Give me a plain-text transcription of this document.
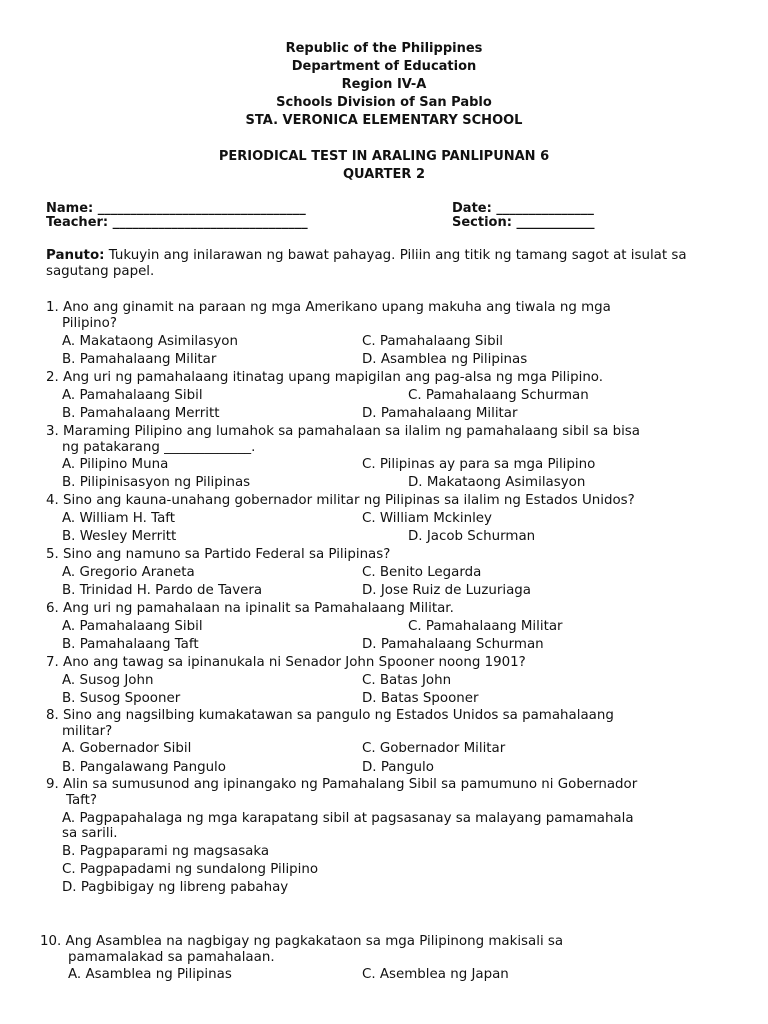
Republic of the Philippines
Department of Education
Region IV-A
Schools Division of San Pablo
STA. VERONICA ELEMENTARY SCHOOL
PERIODICAL TEST IN ARALING PANLIPUNAN 6
QUARTER 2
Name: ________________________________
Teacher: ______________________________
Date: _______________
Section: ____________
Panuto: Tukuyin ang inilarawan ng bawat pahayag. Piliin ang titik ng tamang sagot at isulat sa sagutang papel.
1. Ano ang ginamit na paraan ng mga Amerikano upang makuha ang tiwala ng mga
Pilipino?
A. Makataong Asimilasyon	C. Pamahalaang Sibil
B. Pamahalaang Militar	D. Asamblea ng Pilipinas
2. Ang uri ng pamahalaang itinatag upang mapigilan ang pag-alsa ng mga Pilipino.
A. Pamahalaang Sibil	C. Pamahalaang Schurman
B. Pamahalaang Merritt	D. Pamahalaang Militar
3. Maraming Pilipino ang lumahok sa pamahalaan sa ilalim ng pamahalaang sibil sa bisa
ng patakarang _____________.
A. Pilipino Muna	C. Pilipinas ay para sa mga Pilipino
B. Pilipinisasyon ng Pilipinas	D. Makataong Asimilasyon
4. Sino ang kauna-unahang gobernador militar ng Pilipinas sa ilalim ng Estados Unidos?
A. William H. Taft	C. William Mckinley
B. Wesley Merritt	D. Jacob Schurman
5. Sino ang namuno sa Partido Federal sa Pilipinas?
A. Gregorio Araneta	C. Benito Legarda
B. Trinidad H. Pardo de Tavera	D. Jose Ruiz de Luzuriaga
6. Ang uri ng pamahalaan na ipinalit sa Pamahalaang Militar.
A. Pamahalaang Sibil	C. Pamahalaang Militar
B. Pamahalaang Taft	D. Pamahalaang Schurman
7. Ano ang tawag sa ipinanukala ni Senador John Spooner noong 1901?
A. Susog John	C. Batas John
B. Susog Spooner	D. Batas Spooner
8. Sino ang nagsilbing kumakatawan sa pangulo ng Estados Unidos sa pamahalaang
militar?
A. Gobernador Sibil	C. Gobernador Militar
B. Pangalawang Pangulo	D. Pangulo
9. Alin sa sumusunod ang ipinangako ng Pamahalang Sibil sa pamumuno ni Gobernador
Taft?
A. Pagpapahalaga ng mga karapatang sibil at pagsasanay sa malayang pamamahala
sa sarili.
B. Pagpaparami ng magsasaka
C. Pagpapadami ng sundalong Pilipino
D. Pagbibigay ng libreng pabahay
10. Ang Asamblea na nagbigay ng pagkakataon sa mga Pilipinong makisali sa
pamamalakad sa pamahalaan.
A. Asamblea ng Pilipinas	C. Asemblea ng Japan
